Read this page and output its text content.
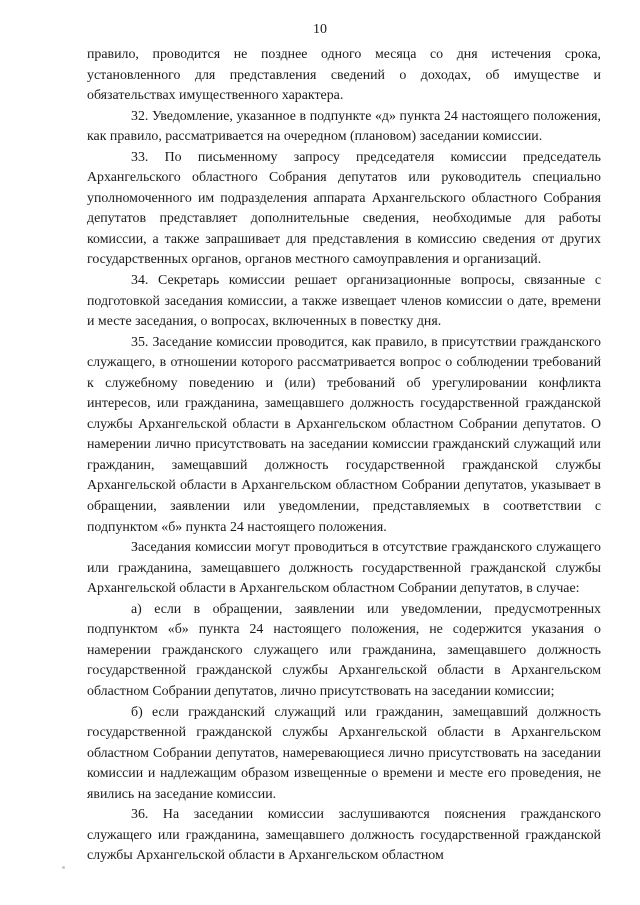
10

правило, проводится не позднее одного месяца со дня истечения срока, установленного для представления сведений о доходах, об имуществе и обязательствах имущественного характера.

32. Уведомление, указанное в подпункте «д» пункта 24 настоящего положения, как правило, рассматривается на очередном (плановом) заседании комиссии.

33. По письменному запросу председателя комиссии председатель Архангельского областного Собрания депутатов или руководитель специально уполномоченного им подразделения аппарата Архангельского областного Собрания депутатов представляет дополнительные сведения, необходимые для работы комиссии, а также запрашивает для представления в комиссию сведения от других государственных органов, органов местного самоуправления и организаций.

34. Секретарь комиссии решает организационные вопросы, связанные с подготовкой заседания комиссии, а также извещает членов комиссии о дате, времени и месте заседания, о вопросах, включенных в повестку дня.

35. Заседание комиссии проводится, как правило, в присутствии гражданского служащего, в отношении которого рассматривается вопрос о соблюдении требований к служебному поведению и (или) требований об урегулировании конфликта интересов, или гражданина, замещавшего должность государственной гражданской службы Архангельской области в Архангельском областном Собрании депутатов. О намерении лично присутствовать на заседании комиссии гражданский служащий или гражданин, замещавший должность государственной гражданской службы Архангельской области в Архангельском областном Собрании депутатов, указывает в обращении, заявлении или уведомлении, представляемых в соответствии с подпунктом «б» пункта 24 настоящего положения.

Заседания комиссии могут проводиться в отсутствие гражданского служащего или гражданина, замещавшего должность государственной гражданской службы Архангельской области в Архангельском областном Собрании депутатов, в случае:

а) если в обращении, заявлении или уведомлении, предусмотренных подпунктом «б» пункта 24 настоящего положения, не содержится указания о намерении гражданского служащего или гражданина, замещавшего должность государственной гражданской службы Архангельской области в Архангельском областном Собрании депутатов, лично присутствовать на заседании комиссии;

б) если гражданский служащий или гражданин, замещавший должность государственной гражданской службы Архангельской области в Архангельском областном Собрании депутатов, намеревающиеся лично присутствовать на заседании комиссии и надлежащим образом извещенные о времени и месте его проведения, не явились на заседание комиссии.

36. На заседании комиссии заслушиваются пояснения гражданского служащего или гражданина, замещавшего должность государственной гражданской службы Архангельской области в Архангельском областном
